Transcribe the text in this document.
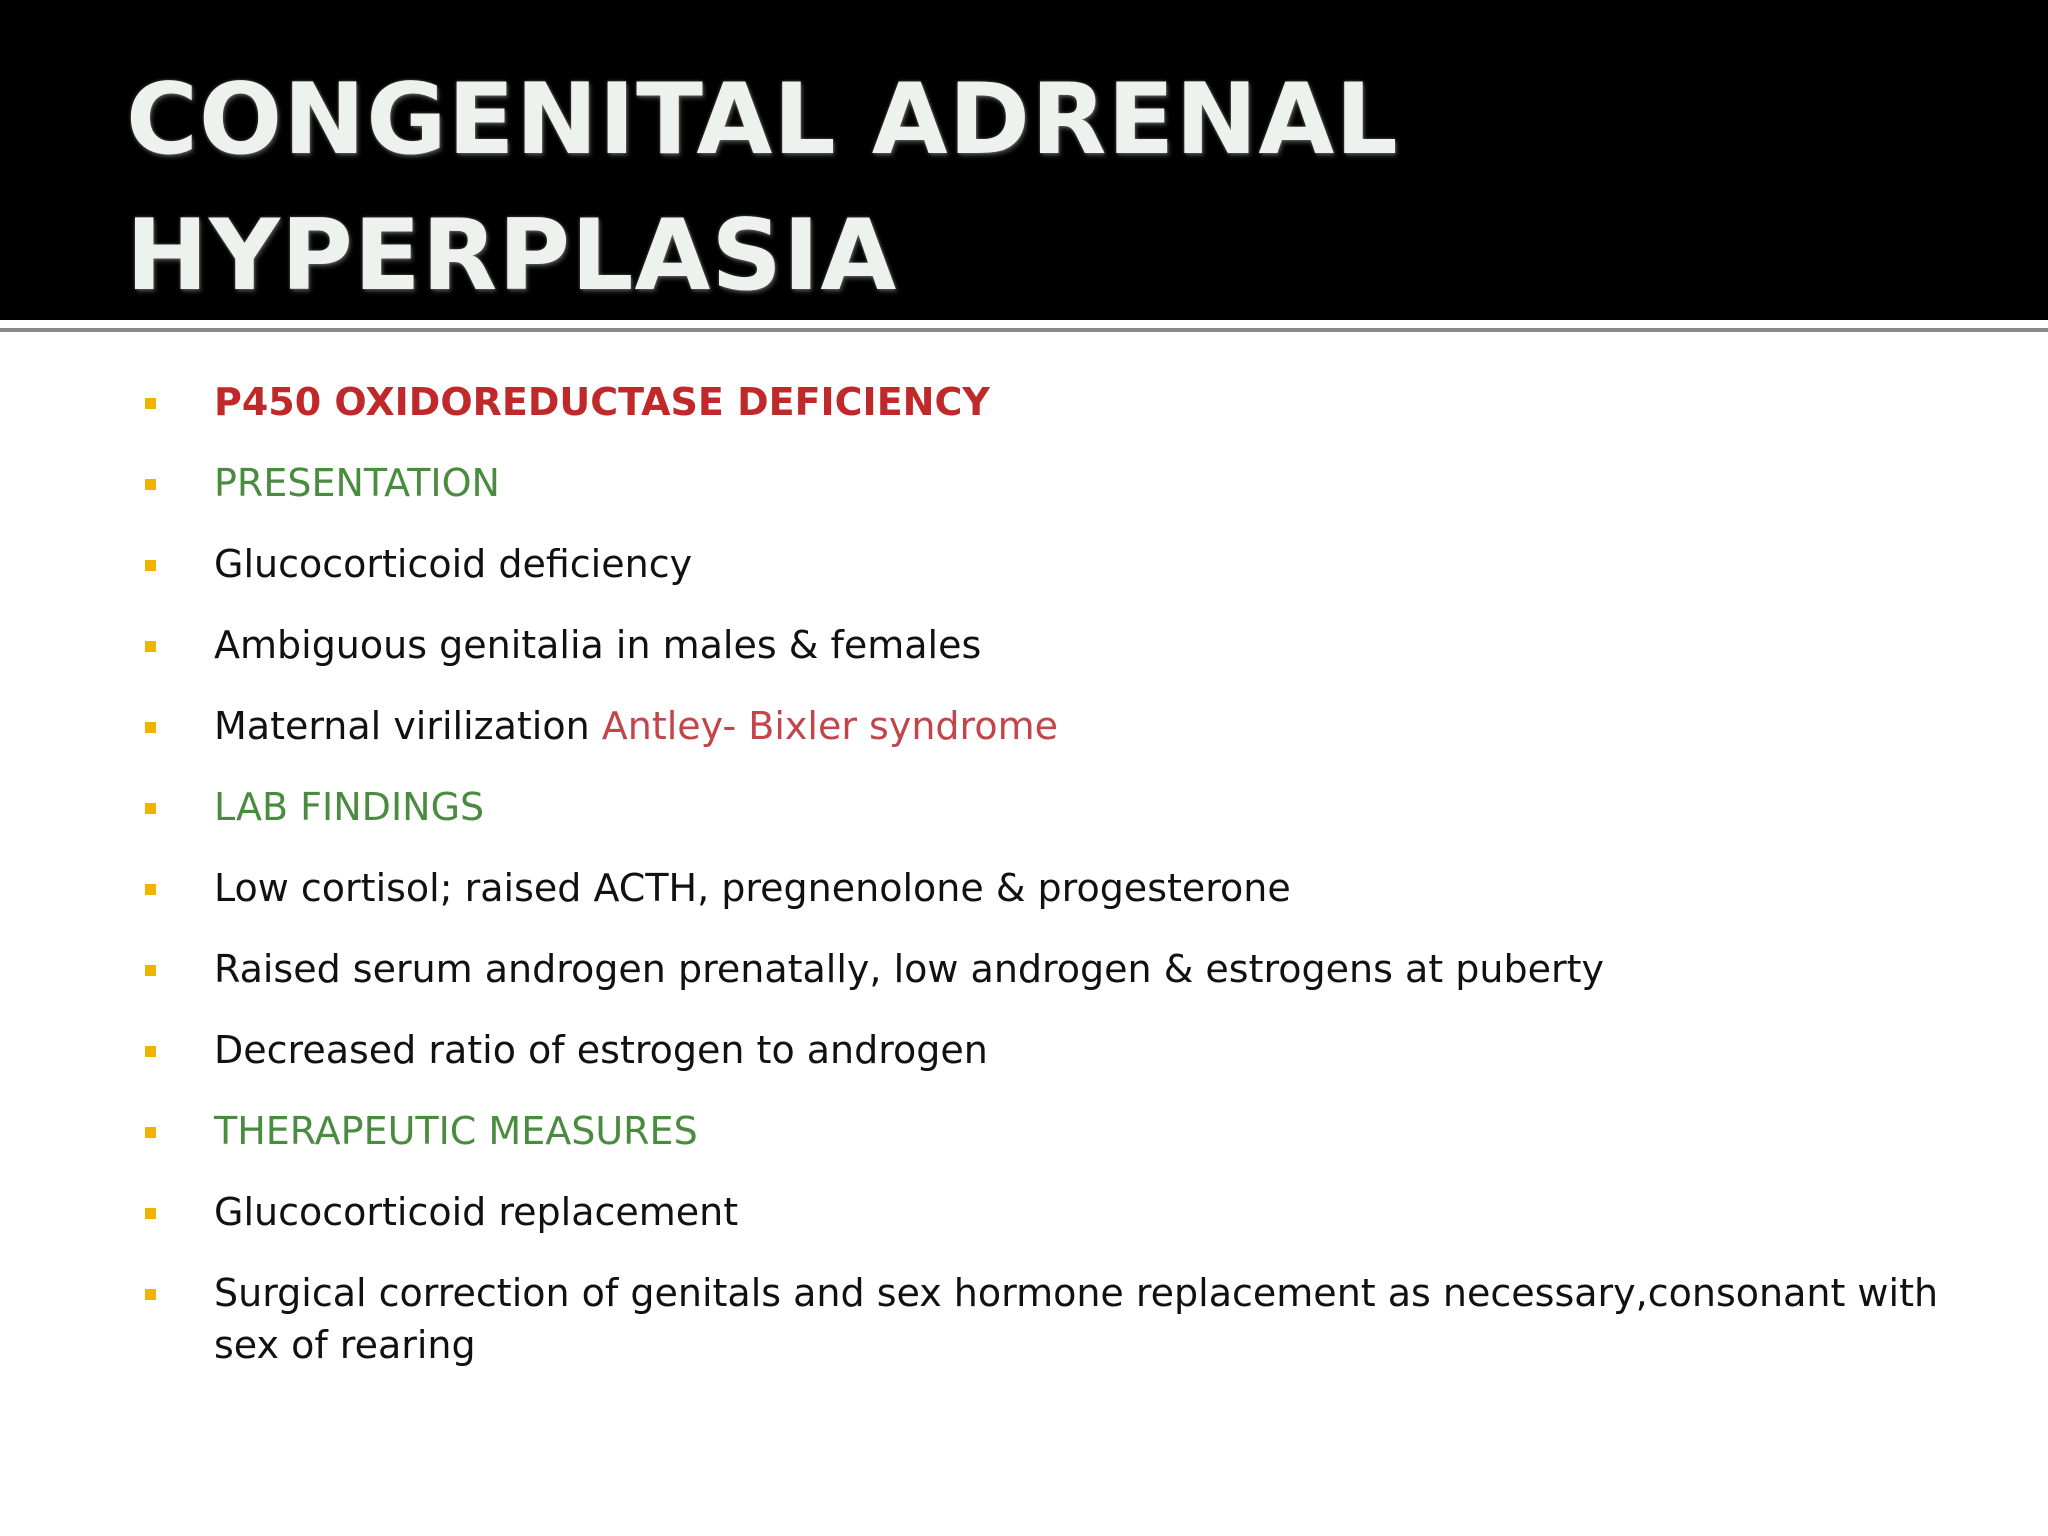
CONGENITAL ADRENAL
HYPERPLASIA
P450 OXIDOREDUCTASE DEFICIENCY
PRESENTATION
Glucocorticoid deficiency
Ambiguous genitalia in males & females
Maternal virilization Antley- Bixler syndrome
LAB FINDINGS
Low cortisol; raised ACTH, pregnenolone & progesterone
Raised serum androgen prenatally, low androgen & estrogens at puberty
Decreased ratio of estrogen to androgen
THERAPEUTIC MEASURES
Glucocorticoid replacement
Surgical correction of genitals and sex hormone replacement as necessary,consonant with sex of rearing
